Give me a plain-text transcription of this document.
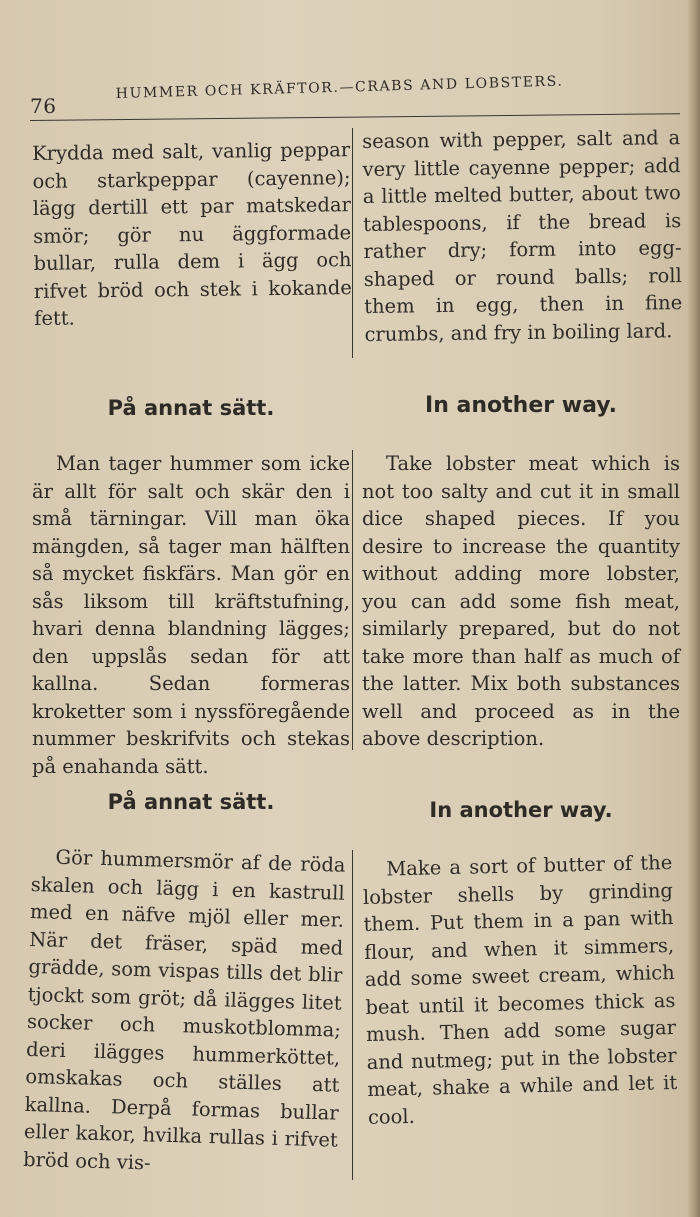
76
HUMMER OCH KRÄFTOR.—CRABS AND LOBSTERS.

Krydda med salt, vanlig peppar och starkpeppar (cayenne); lägg dertill ett par matskedar smör; gör nu äggformade bullar, rulla dem i ägg och rifvet bröd och stek i kokande fett.

season with pepper, salt and a very little cayenne pepper; add a little melted butter, about two tablespoons, if the bread is rather dry; form into egg-shaped or round balls; roll them in egg, then in fine crumbs, and fry in boiling lard.

På annat sätt.	In another way.

Man tager hummer som icke är allt för salt och skär den i små tärningar. Vill man öka mängden, så tager man hälften så mycket fiskfärs. Man gör en sås liksom till kräftstufning, hvari denna blandning lägges; den uppslås sedan för att kallna. Sedan formeras kroketter som i nyssföregående nummer beskrifvits och stekas på enahanda sätt.

Take lobster meat which is not too salty and cut it in small dice shaped pieces. If you desire to increase the quantity without adding more lobster, you can add some fish meat, similarly prepared, but do not take more than half as much of the latter. Mix both substances well and proceed as in the above description.

På annat sätt.	In another way.

Gör hummersmör af de röda skalen och lägg i en kastrull med en näfve mjöl eller mer. När det fräser, späd med grädde, som vispas tills det blir tjockt som gröt; då ilägges litet socker och muskotblomma; deri ilägges hummerköttet, omskakas och ställes att kallna. Derpå formas bullar eller kakor, hvilka rullas i rifvet bröd och vis-

Make a sort of butter of the lobster shells by grinding them. Put them in a pan with flour, and when it simmers, add some sweet cream, which beat until it becomes thick as mush. Then add some sugar and nutmeg; put in the lobster meat, shake a while and let it cool.
